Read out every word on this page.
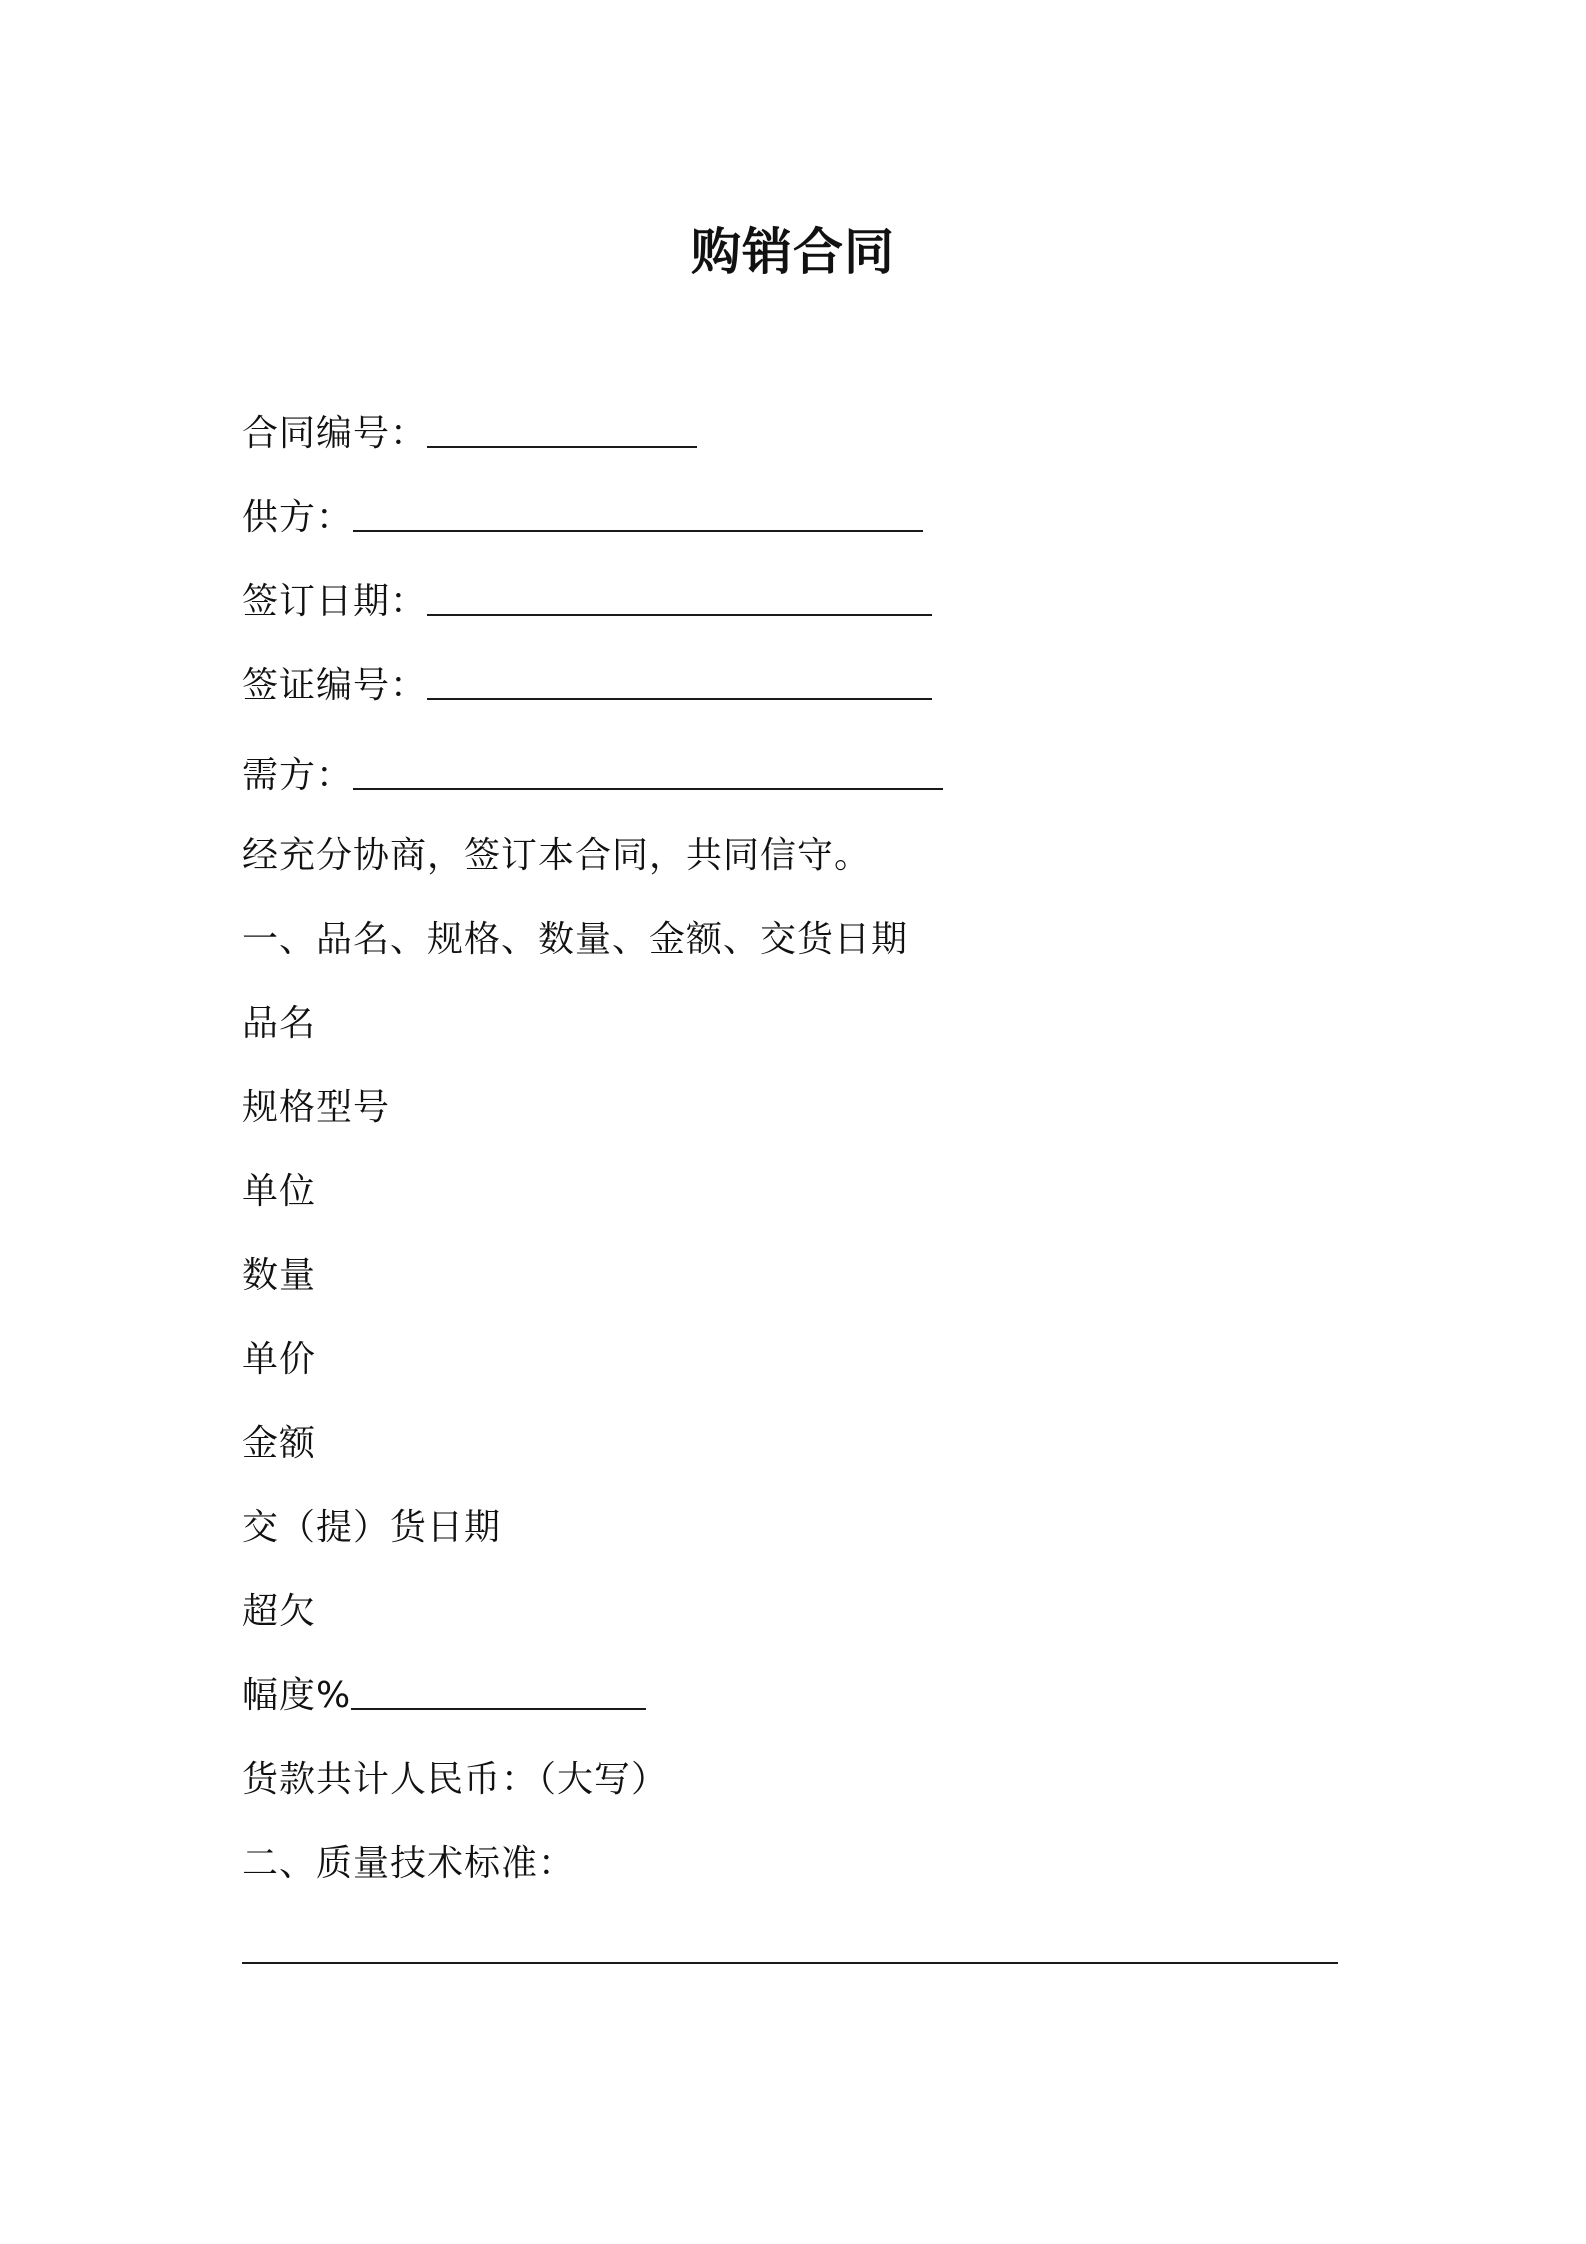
购销合同
合同编号：
供方：
签订日期：
签证编号：
需方：
经充分协商，签订本合同，共同信守。
一、品名、规格、数量、金额、交货日期
品名
规格型号
单位
数量
单价
金额
交（提）货日期
超欠
幅度%
货款共计人民币：（大写）
二、质量技术标准：
